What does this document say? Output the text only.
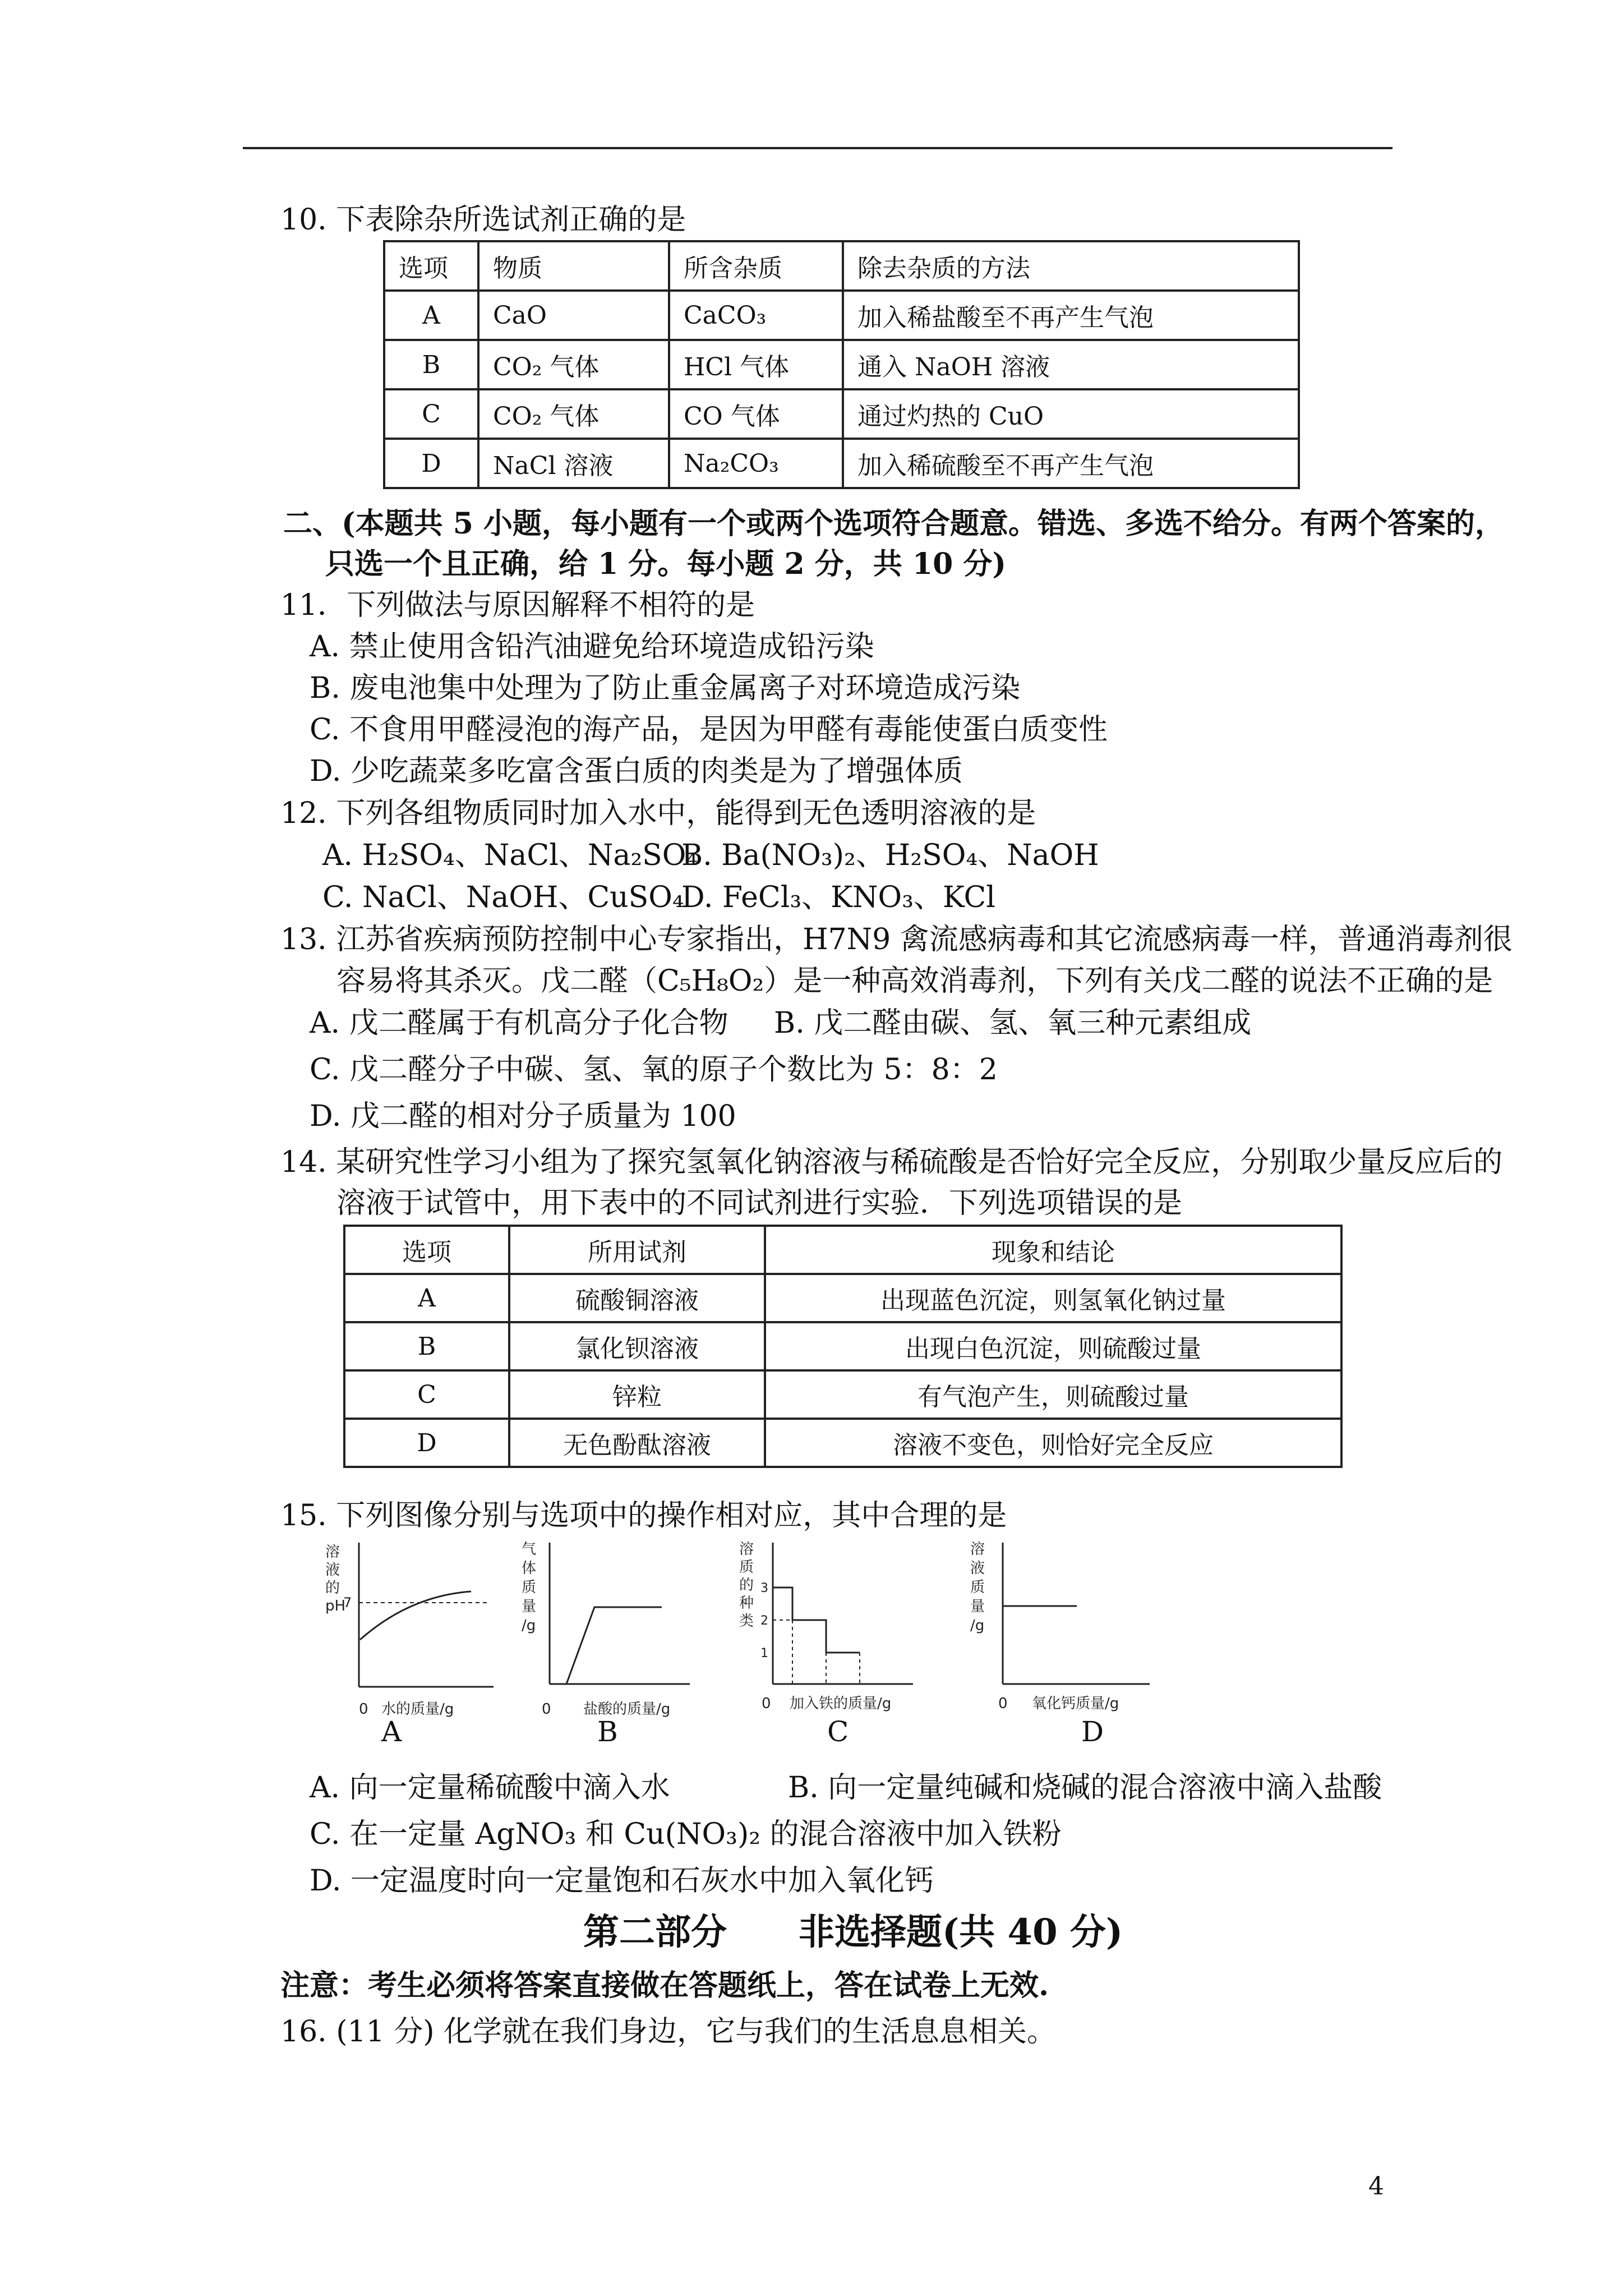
10. 下表除杂所选试剂正确的是
选项	物质	所含杂质	除去杂质的方法
A	CaO	CaCO₃	加入稀盐酸至不再产生气泡
B	CO₂ 气体	HCl 气体	通入 NaOH 溶液
C	CO₂ 气体	CO 气体	通过灼热的 CuO
D	NaCl 溶液	Na₂CO₃	加入稀硫酸至不再产生气泡
二、(本题共 5 小题，每小题有一个或两个选项符合题意。错选、多选不给分。有两个答案的，
只选一个且正确，给 1 分。每小题 2 分，共 10 分)
11．下列做法与原因解释不相符的是
A. 禁止使用含铅汽油避免给环境造成铅污染
B. 废电池集中处理为了防止重金属离子对环境造成污染
C. 不食用甲醛浸泡的海产品，是因为甲醛有毒能使蛋白质变性
D. 少吃蔬菜多吃富含蛋白质的肉类是为了增强体质
12. 下列各组物质同时加入水中，能得到无色透明溶液的是
A. H₂SO₄、NaCl、Na₂SO₄
B. Ba(NO₃)₂、H₂SO₄、NaOH
C. NaCl、NaOH、CuSO₄
D. FeCl₃、KNO₃、KCl
13. 江苏省疾病预防控制中心专家指出，H7N9 禽流感病毒和其它流感病毒一样，普通消毒剂很
容易将其杀灭。戊二醛（C₅H₈O₂）是一种高效消毒剂，下列有关戊二醛的说法不正确的是
A. 戊二醛属于有机高分子化合物 B. 戊二醛由碳、氢、氧三种元素组成
C. 戊二醛分子中碳、氢、氧的原子个数比为 5：8：2
D. 戊二醛的相对分子质量为 100
14. 某研究性学习小组为了探究氢氧化钠溶液与稀硫酸是否恰好完全反应，分别取少量反应后的
溶液于试管中，用下表中的不同试剂进行实验．下列选项错误的是
选项	所用试剂	现象和结论
A	硫酸铜溶液	出现蓝色沉淀，则氢氧化钠过量
B	氯化钡溶液	出现白色沉淀，则硫酸过量
C	锌粒	有气泡产生，则硫酸过量
D	无色酚酞溶液	溶液不变色，则恰好完全反应
15. 下列图像分别与选项中的操作相对应，其中合理的是
溶
液
的
pH
7
0 水的质量/g
A
气
体
质
量
/g
0 盐酸的质量/g
B
溶
质
的
种
类
3
2
1
0 加入铁的质量/g
C
溶
液
质
量
/g
0 氧化钙质量/g
D
A. 向一定量稀硫酸中滴入水	B. 向一定量纯碱和烧碱的混合溶液中滴入盐酸
C. 在一定量 AgNO₃ 和 Cu(NO₃)₂ 的混合溶液中加入铁粉
D. 一定温度时向一定量饱和石灰水中加入氧化钙
第二部分　　非选择题(共 40 分)
注意：考生必须将答案直接做在答题纸上，答在试卷上无效.
16. (11 分) 化学就在我们身边，它与我们的生活息息相关。
4
